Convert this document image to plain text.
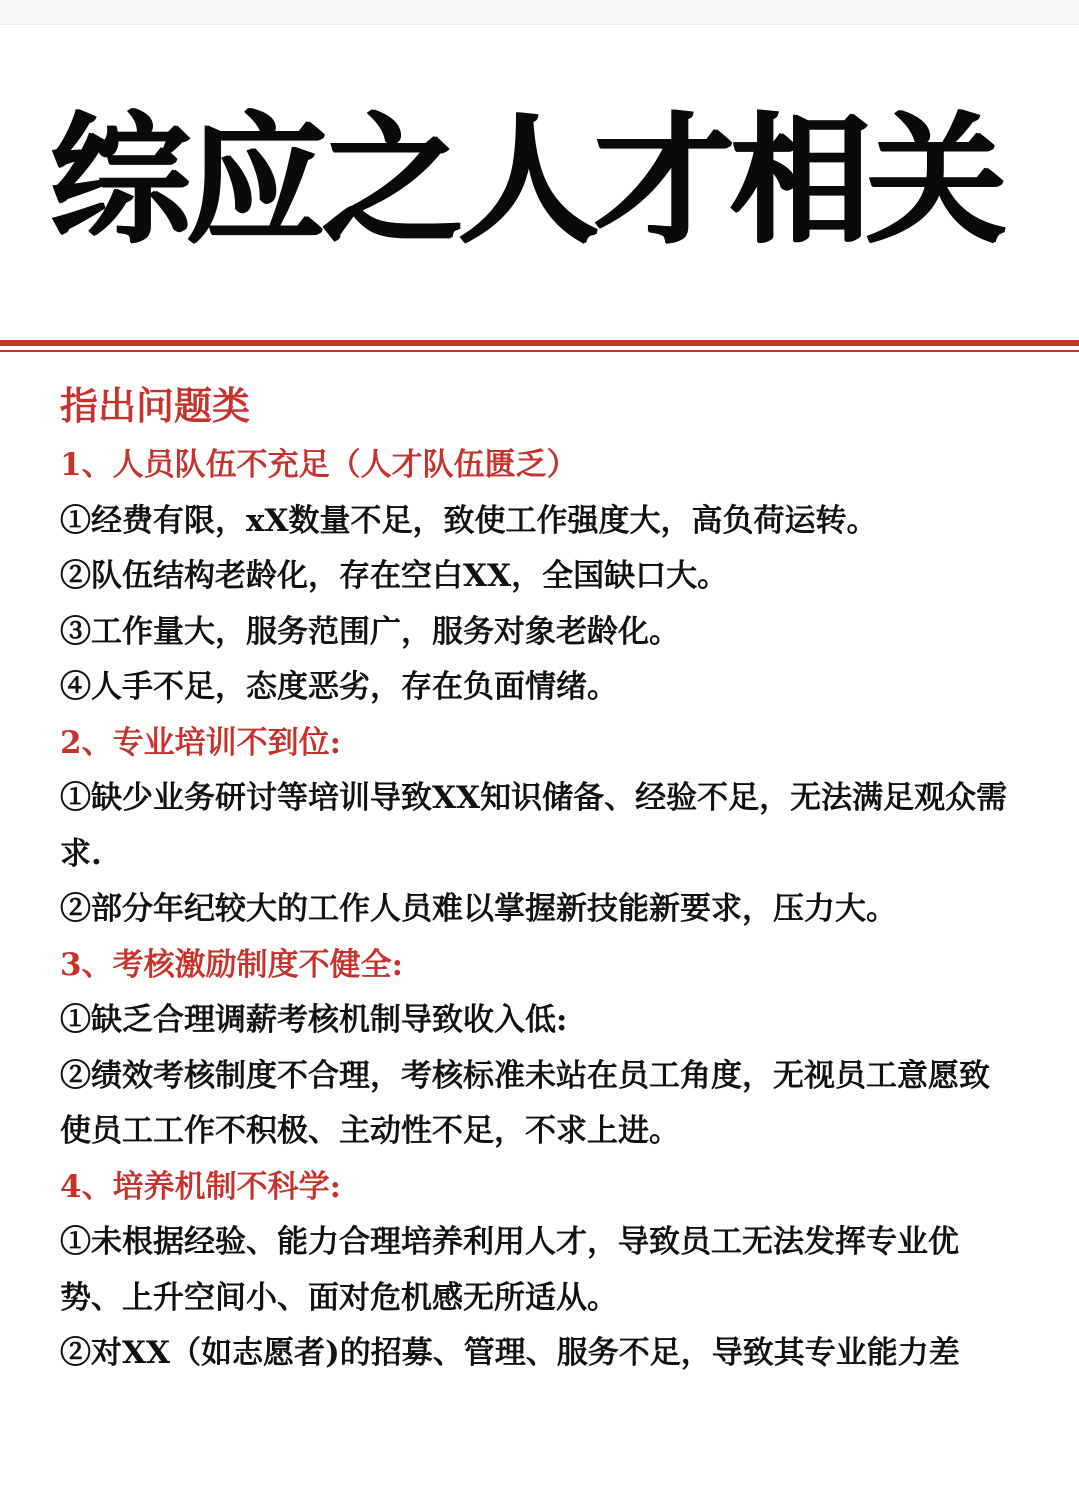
综应之人才相关
指出问题类

1、人员队伍不充足（人才队伍匮乏）

①经费有限，xX数量不足，致使工作强度大，高负荷运转。

②队伍结构老龄化，存在空白XX，全国缺口大。

③工作量大，服务范围广，服务对象老龄化。

④人手不足，态度恶劣，存在负面情绪。

2、专业培训不到位:

①缺少业务研讨等培训导致XX知识储备、经验不足，无法满足观众需求.

②部分年纪较大的工作人员难以掌握新技能新要求，压力大。

3、考核激励制度不健全:

①缺乏合理调薪考核机制导致收入低:

②绩效考核制度不合理，考核标准未站在员工角度，无视员工意愿致使员工工作不积极、主动性不足，不求上进。

4、培养机制不科学:

①未根据经验、能力合理培养利用人才，导致员工无法发挥专业优势、上升空间小、面对危机感无所适从。

②对XX（如志愿者)的招募、管理、服务不足，导致其专业能力差
